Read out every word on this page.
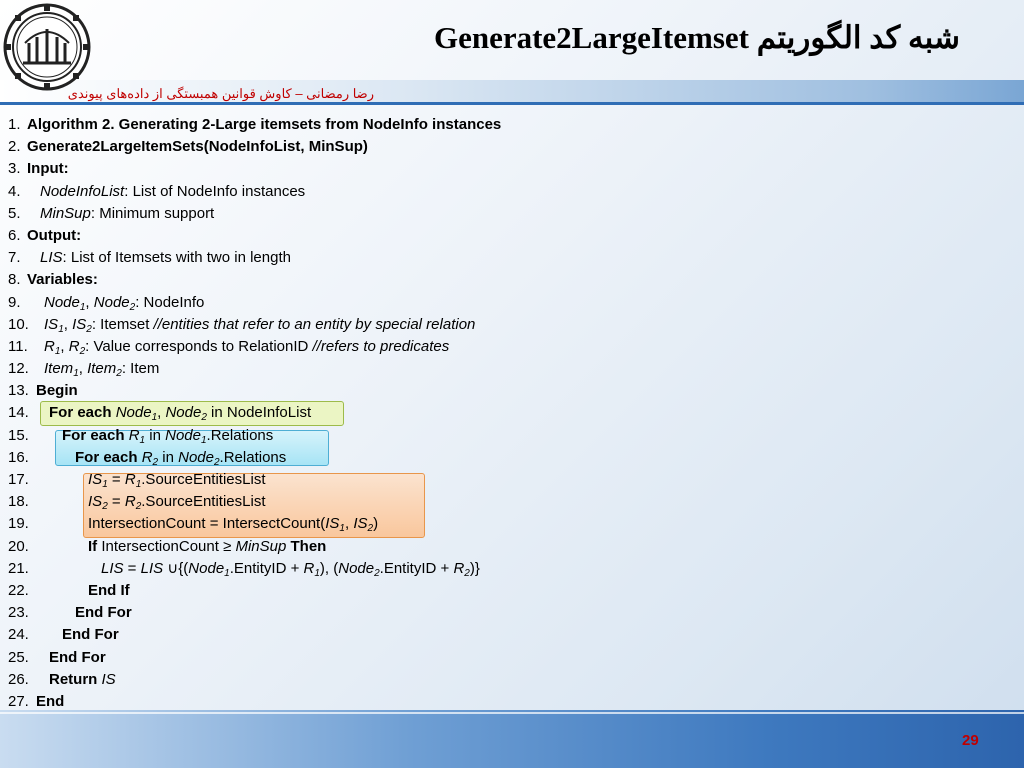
Generate2LargeItemset شبه کد الگوریتم
رضا رمضانی – کاوش قوانین همبستگی از داده‌های پیوندی
1. Algorithm 2. Generating 2-Large itemsets from NodeInfo instances
2. Generate2LargeItemSets(NodeInfoList, MinSup)
3. Input:
4. NodeInfoList: List of NodeInfo instances
5. MinSup: Minimum support
6. Output:
7. LIS: List of Itemsets with two in length
8. Variables:
9. Node$_1$, Node$_2$: NodeInfo
10. $IS_1$, $IS_2$: Itemset //entities that refer to an entity by special relation
11. $R_1$, $R_2$: Value corresponds to RelationID //refers to predicates
12. Item$_1$, Item$_2$: Item
13. Begin
14. For each Node$_1$, Node$_2$ in NodeInfoList
15. For each $R_1$ in Node$_1$.Relations
16.	For each $R_2$ in Node$_2$.Relations
17.	$IS_1$ = $R_1.SourceEntitiesList$
18.	$IS_2$ = $R_2.SourceEntitiesList$
19.	IntersectionCount = $IntersectCount(IS_1$, $IS_2$)
20.	If IntersectionCount ≥ MinSup Then
21.	LIS = LIS ∪{(Node$_1$.EntityID + $R_1$), (Node$_2$.EntityID + $R_2$)}
22.	End If
23.	End For
24. End For
25. End For
26. Return IS
27. End
29
